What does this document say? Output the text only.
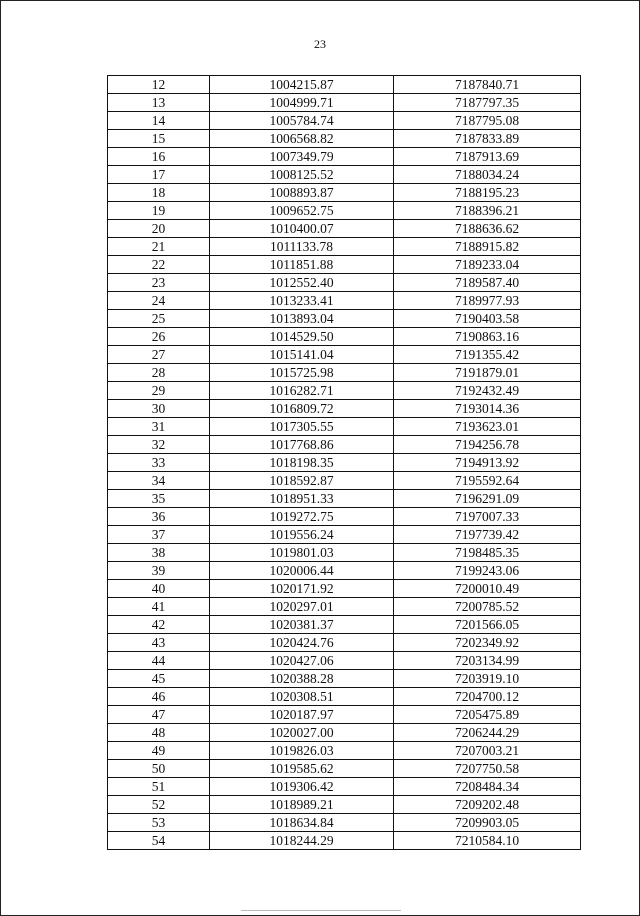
23
12	1004215.87	7187840.71
13	1004999.71	7187797.35
14	1005784.74	7187795.08
15	1006568.82	7187833.89
16	1007349.79	7187913.69
17	1008125.52	7188034.24
18	1008893.87	7188195.23
19	1009652.75	7188396.21
20	1010400.07	7188636.62
21	1011133.78	7188915.82
22	1011851.88	7189233.04
23	1012552.40	7189587.40
24	1013233.41	7189977.93
25	1013893.04	7190403.58
26	1014529.50	7190863.16
27	1015141.04	7191355.42
28	1015725.98	7191879.01
29	1016282.71	7192432.49
30	1016809.72	7193014.36
31	1017305.55	7193623.01
32	1017768.86	7194256.78
33	1018198.35	7194913.92
34	1018592.87	7195592.64
35	1018951.33	7196291.09
36	1019272.75	7197007.33
37	1019556.24	7197739.42
38	1019801.03	7198485.35
39	1020006.44	7199243.06
40	1020171.92	7200010.49
41	1020297.01	7200785.52
42	1020381.37	7201566.05
43	1020424.76	7202349.92
44	1020427.06	7203134.99
45	1020388.28	7203919.10
46	1020308.51	7204700.12
47	1020187.97	7205475.89
48	1020027.00	7206244.29
49	1019826.03	7207003.21
50	1019585.62	7207750.58
51	1019306.42	7208484.34
52	1018989.21	7209202.48
53	1018634.84	7209903.05
54	1018244.29	7210584.10
